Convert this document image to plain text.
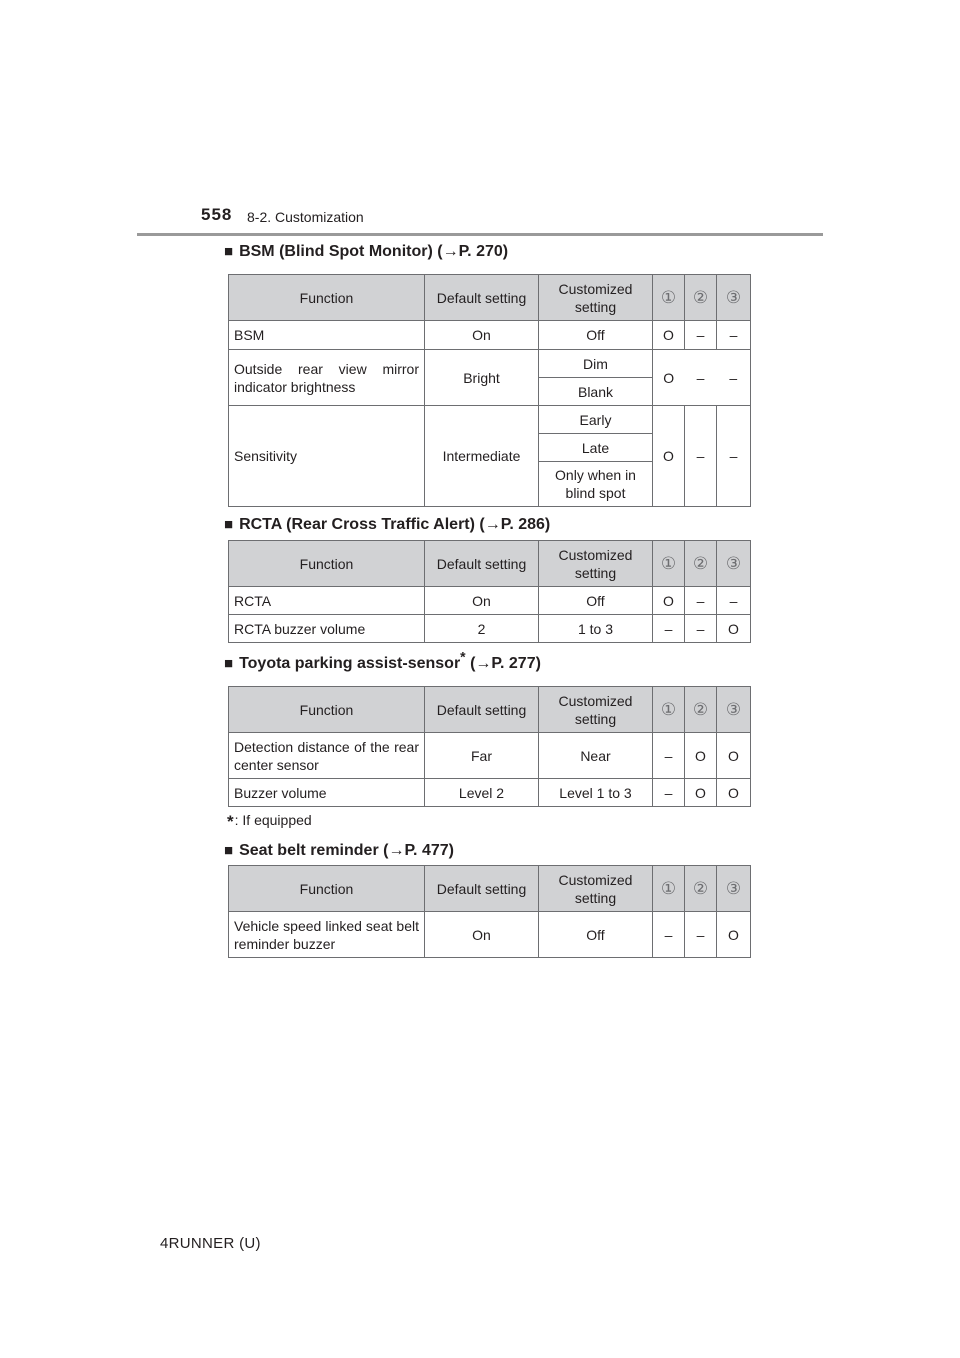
558 8-2. Customization
■ BSM (Blind Spot Monitor) (→P. 270)
Function	Default setting	Customized setting	①	②	③
BSM	On	Off	O	–	–
Outside rear view mirror indicator brightness	Bright	Dim	O	–	–
		Blank			
Sensitivity	Intermediate	Early	O	–	–
		Late			
		Only when in blind spot			
■ RCTA (Rear Cross Traffic Alert) (→P. 286)
Function	Default setting	Customized setting	①	②	③
RCTA	On	Off	O	–	–
RCTA buzzer volume	2	1 to 3	–	–	O
■ Toyota parking assist-sensor* (→P. 277)
Function	Default setting	Customized setting	①	②	③
Detection distance of the rear center sensor	Far	Near	–	O	O
Buzzer volume	Level 2	Level 1 to 3	–	O	O
*: If equipped
■ Seat belt reminder (→P. 477)
Function	Default setting	Customized setting	①	②	③
Vehicle speed linked seat belt reminder buzzer	On	Off	–	–	O
4RUNNER (U)
